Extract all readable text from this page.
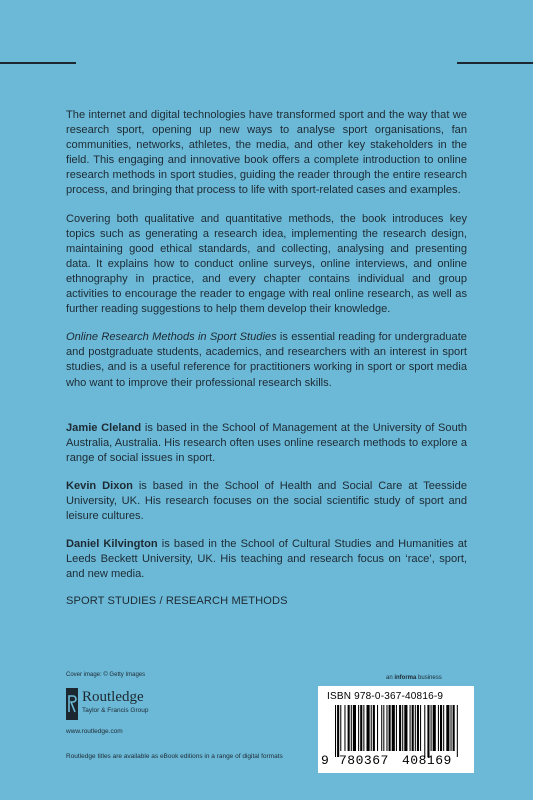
The internet and digital technologies have transformed sport and the way that we research sport, opening up new ways to analyse sport organisations, fan communities, networks, athletes, the media, and other key stakeholders in the field. This engaging and innovative book offers a complete introduction to online research methods in sport studies, guiding the reader through the entire research process, and bringing that process to life with sport-related cases and examples.

Covering both qualitative and quantitative methods, the book introduces key topics such as generating a research idea, implementing the research design, maintaining good ethical standards, and collecting, analysing and presenting data. It explains how to conduct online surveys, online interviews, and online ethnography in practice, and every chapter contains individual and group activities to encourage the reader to engage with real online research, as well as further reading suggestions to help them develop their knowledge.

Online Research Methods in Sport Studies is essential reading for undergraduate and postgraduate students, academics, and researchers with an interest in sport studies, and is a useful reference for practitioners working in sport or sport media who want to improve their professional research skills.

Jamie Cleland is based in the School of Management at the University of South Australia, Australia. His research often uses online research methods to explore a range of social issues in sport.

Kevin Dixon is based in the School of Health and Social Care at Teesside University, UK. His research focuses on the social scientific study of sport and leisure cultures.

Daniel Kilvington is based in the School of Cultural Studies and Humanities at Leeds Beckett University, UK. His teaching and research focus on ‘race’, sport, and new media.

SPORT STUDIES / RESEARCH METHODS
Cover image: © Getty Images
Routledge
Taylor & Francis Group
www.routledge.com
Routledge titles are available as eBook editions in a range of digital formats
an informa business
ISBN 978-0-367-40816-9
9 780367 408169
